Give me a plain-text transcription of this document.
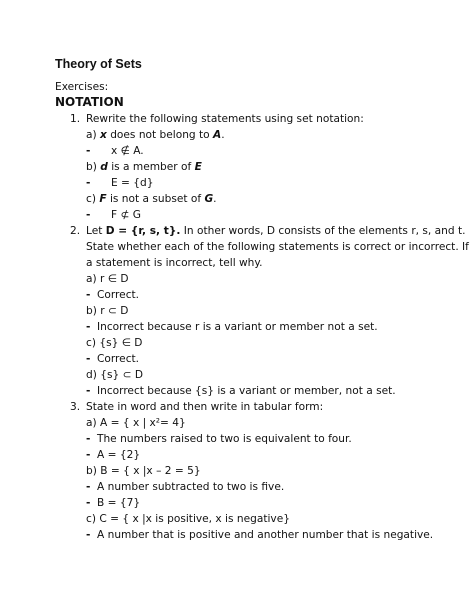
Theory of Sets
Exercises:
NOTATION
1. Rewrite the following statements using set notation:
a) x does not belong to A.
- x ∉ A.
b) d is a member of E
- E = {d}
c) F is not a subset of G.
- F ⊄ G
2. Let D = {r, s, t}. In other words, D consists of the elements r, s, and t.
State whether each of the following statements is correct or incorrect. If
a statement is incorrect, tell why.
a) r ∈ D
- Correct.
b) r ⊂ D
- Incorrect because r is a variant or member not a set.
c) {s} ∈ D
- Correct.
d) {s} ⊂ D
- Incorrect because {s} is a variant or member, not a set.
3. State in word and then write in tabular form:
a) A = { x | x²= 4}
- The numbers raised to two is equivalent to four.
- A = {2}
b) B = { x |x – 2 = 5}
- A number subtracted to two is five.
- B = {7}
c) C = { x |x is positive, x is negative}
- A number that is positive and another number that is negative.
